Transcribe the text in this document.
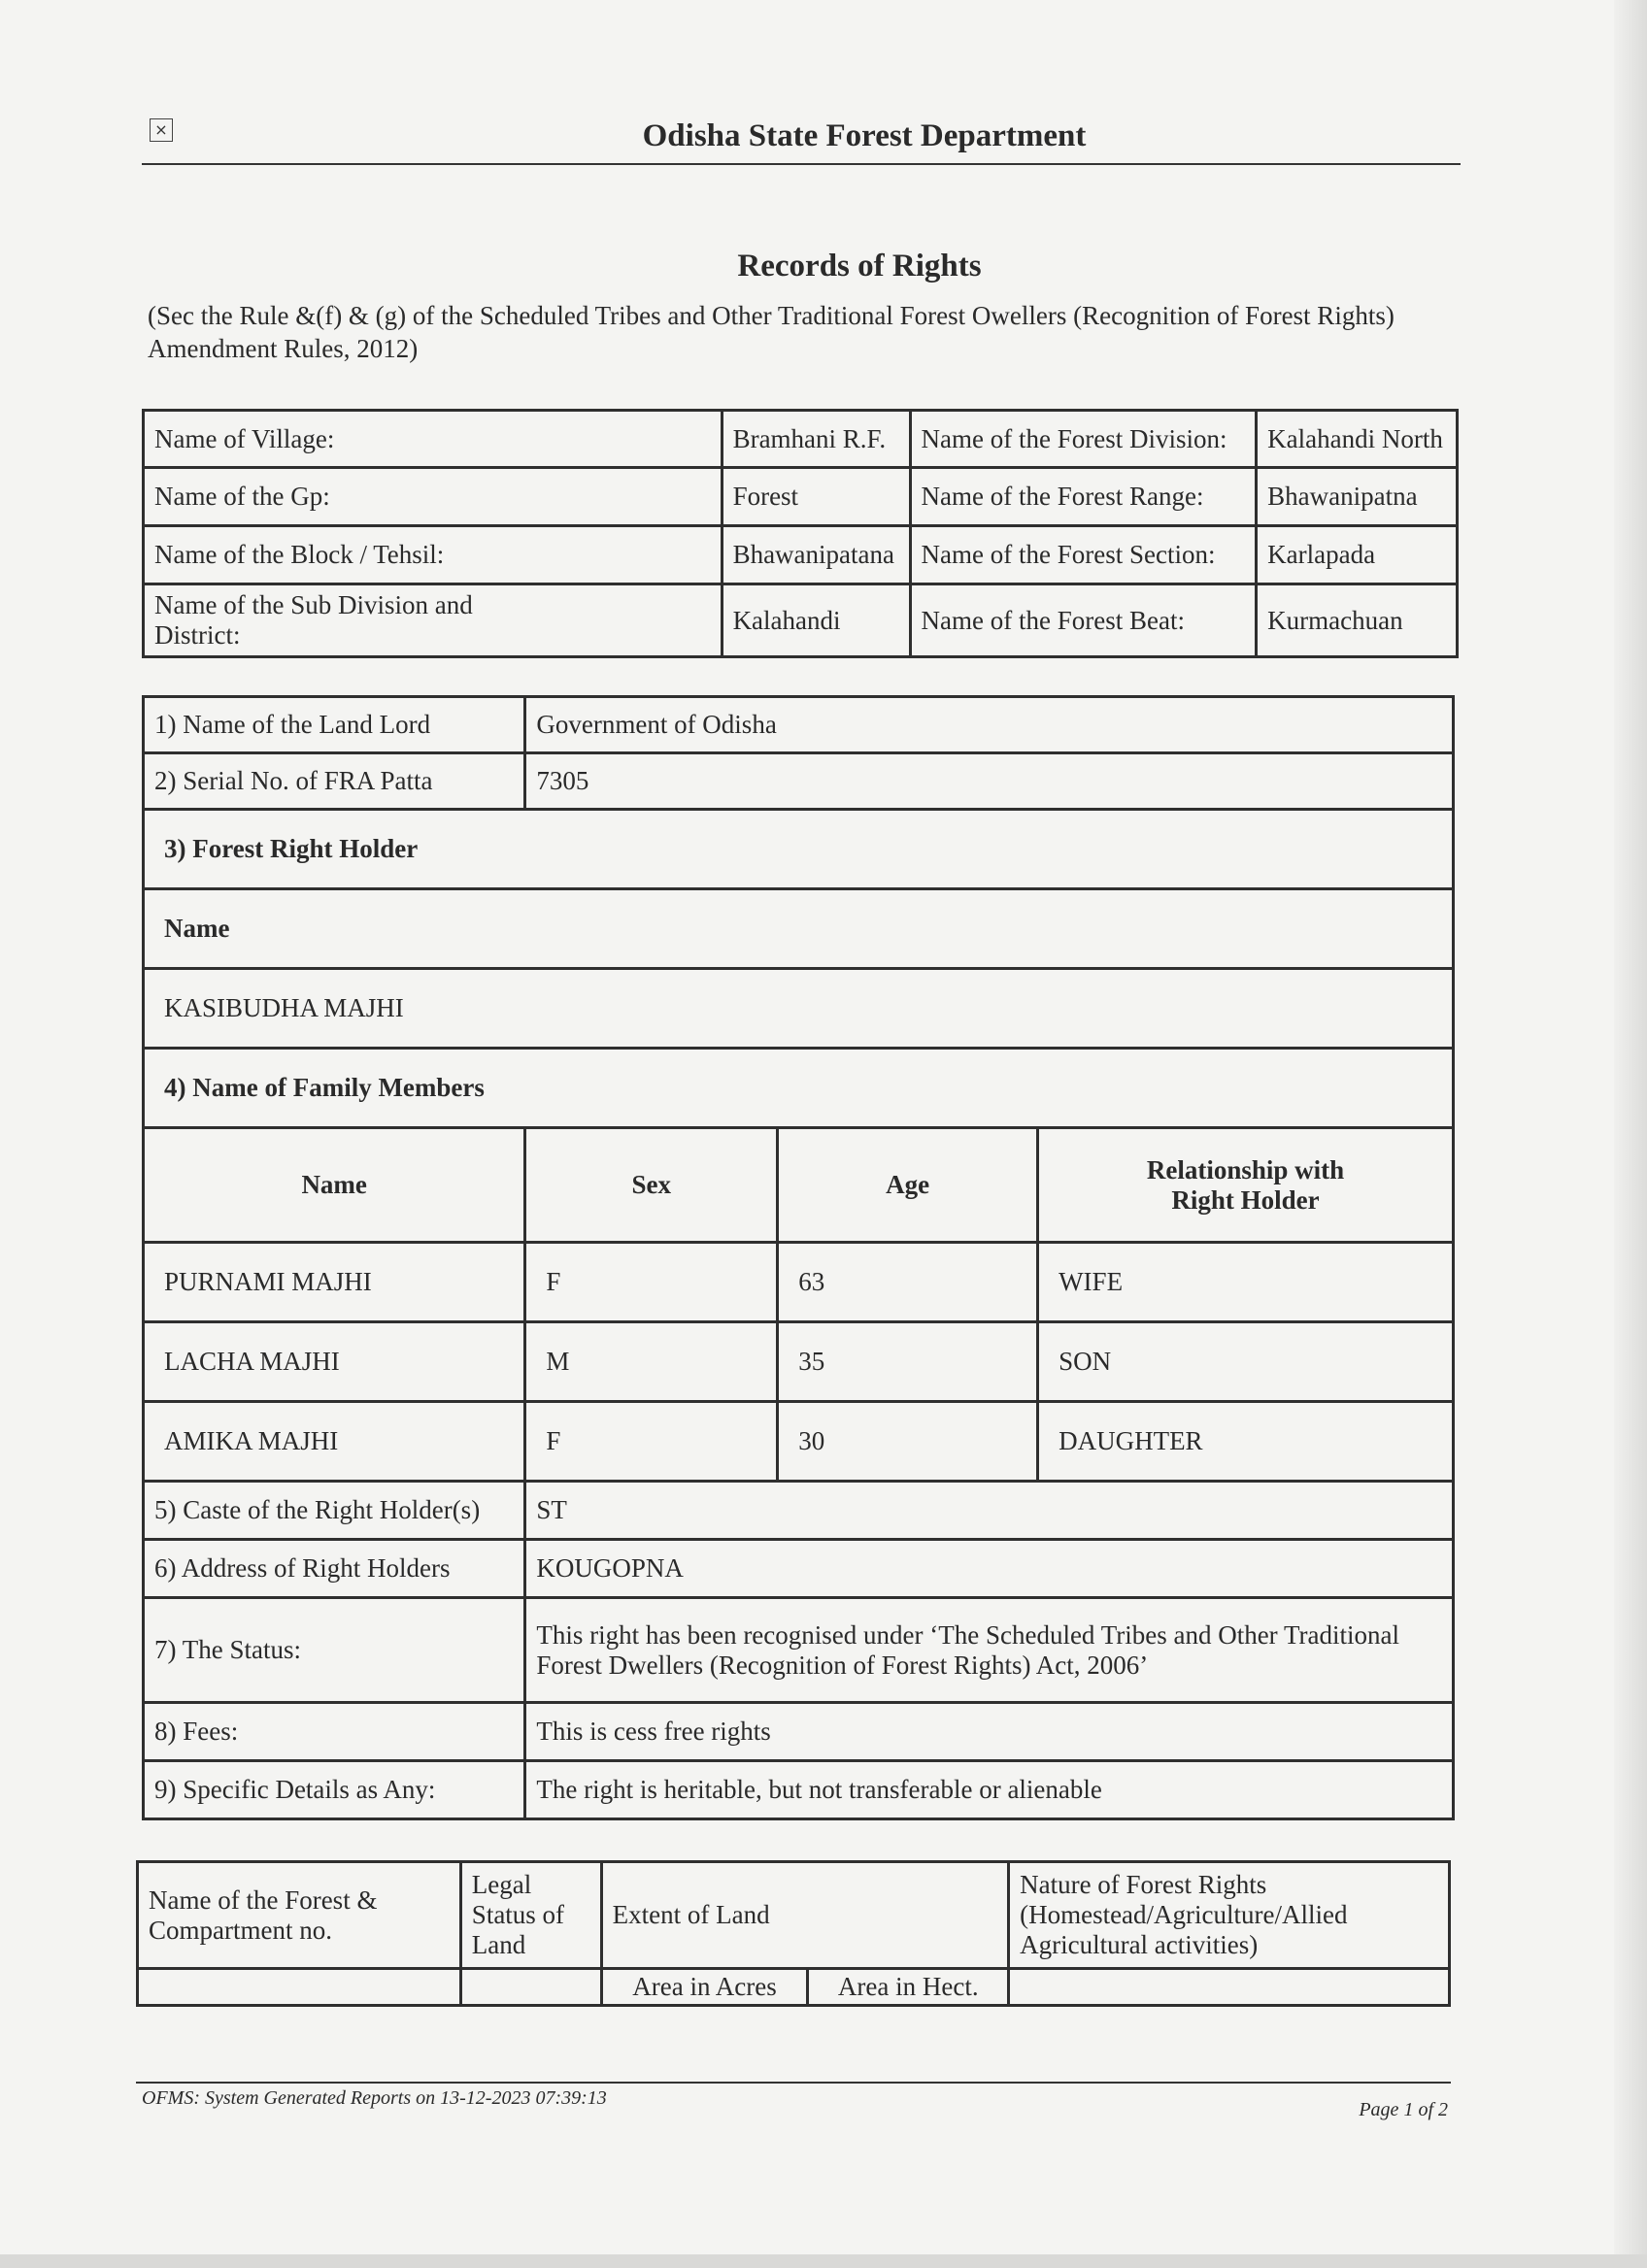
×	Odisha State Forest Department
Records of Rights
(Sec the Rule &(f) & (g) of the Scheduled Tribes and Other Traditional Forest Owellers (Recognition of Forest Rights) Amendment Rules, 2012)
Name of Village:	Bramhani R.F.	Name of the Forest Division:	Kalahandi North
Name of the Gp:	Forest	Name of the Forest Range:	Bhawanipatna
Name of the Block / Tehsil:	Bhawanipatana	Name of the Forest Section:	Karlapada

Name of the Sub Division and District:	Kalahandi	Name of the Forest Beat:	Kurmachuan
1) Name of the Land Lord	Government of Odisha		
2) Serial No. of FRA Patta	7305		
3) Forest Right Holder			
Name			
KASIBUDHA MAJHI			
4) Name of Family Members			
Name	Sex	Age	Relationship with Right Holder

PURNAMI MAJHI	F	63	WIFE
LACHA MAJHI	M	35	SON
AMIKA MAJHI	F	30	DAUGHTER
5) Caste of the Right Holder(s)	ST		
6) Address of Right Holders	KOUGOPNA		
7) The Status:	This right has been recognised under ‘The Scheduled Tribes and Other Traditional
Forest Dwellers (Recognition of Forest Rights) Act, 2006’		

8) Fees:	This is cess free rights		
9) Specific Details as Any:	The right is heritable, but not transferable or alienable		
Name of the Forest & Compartment no.	Legal Status of Land	Extent of Land		Nature of Forest Rights (Homestead/Agriculture/Allied Agricultural activities)

		Area in Acres	Area in Hect.	
OFMS: System Generated Reports on 13-12-2023 07:39:13
Page 1 of 2
